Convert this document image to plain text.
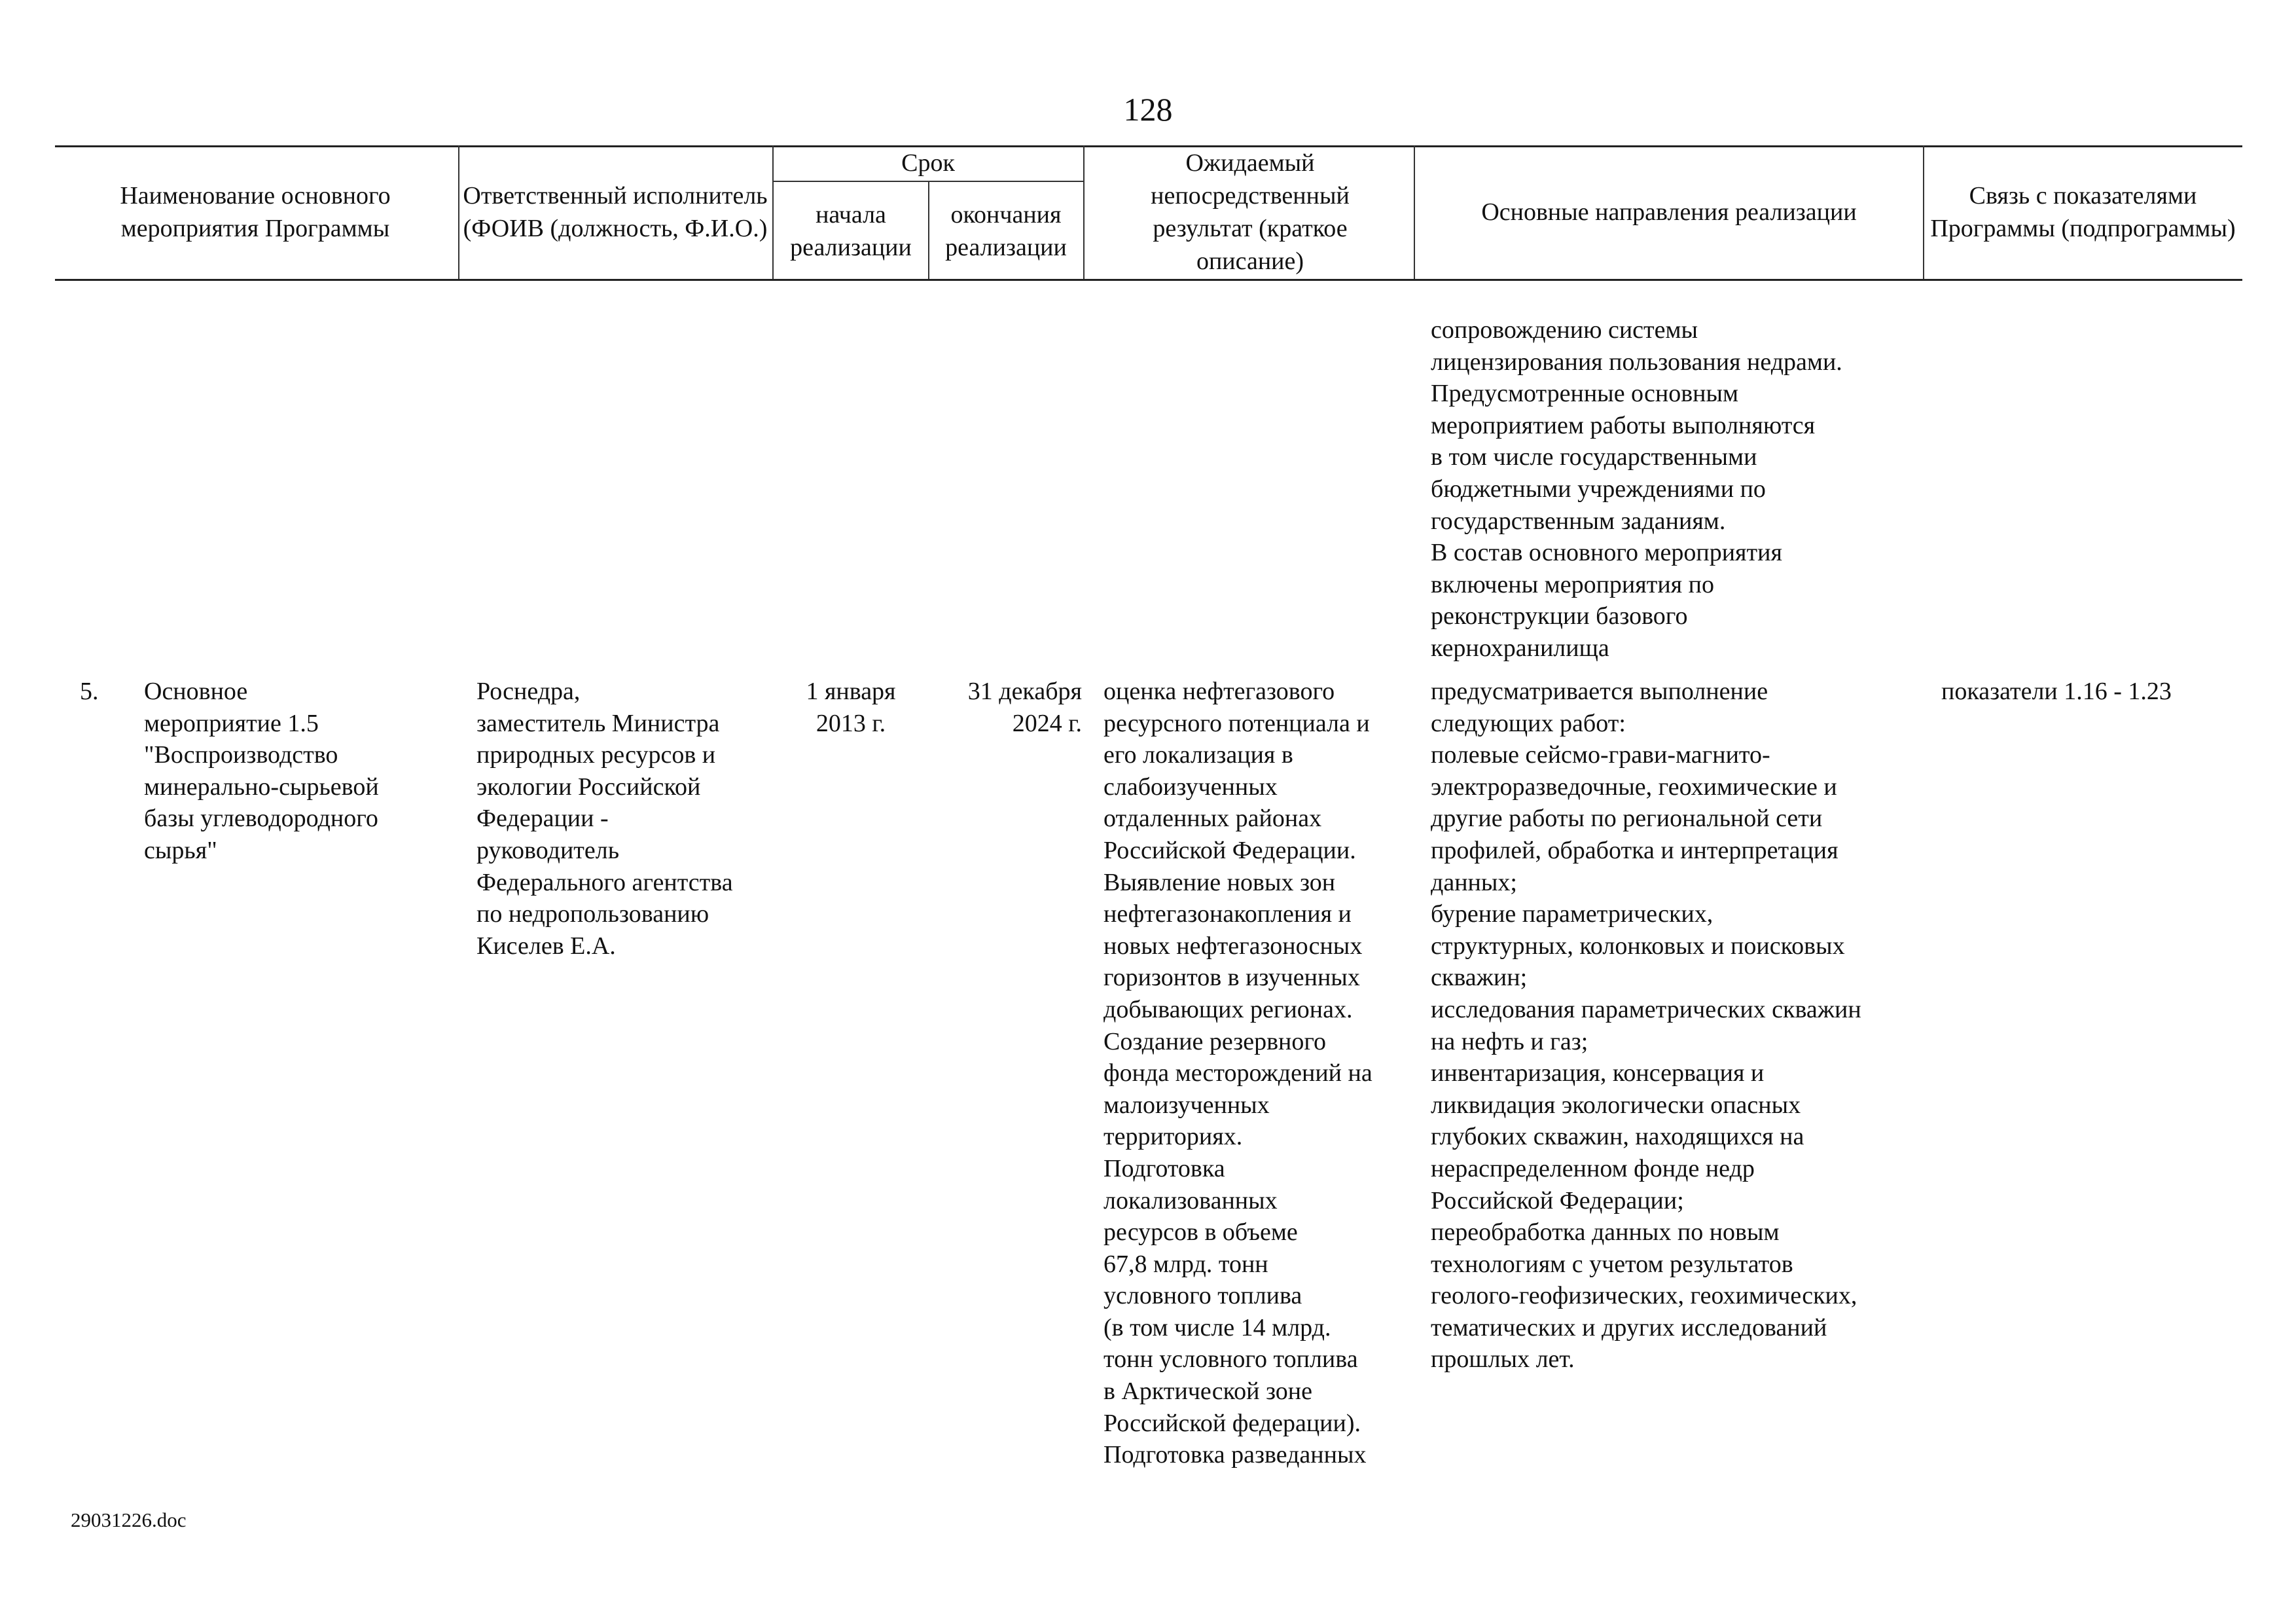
128
Наименование основного мероприятия Программы
Ответственный исполнитель (ФОИВ (должность, Ф.И.О.)
Срок
начала реализации
окончания реализации
Ожидаемый непосредственный результат (краткое описание)
Основные направления реализации
Связь с показателями Программы (подпрограммы)
сопровождению системы
лицензирования пользования недрами.
Предусмотренные основным
мероприятием работы выполняются
в том числе государственными
бюджетными учреждениями по
государственным заданиям.
В состав основного мероприятия
включены мероприятия по
реконструкции базового
кернохранилища
5.	Основное
мероприятие 1.5
"Воспроизводство
минерально-сырьевой
базы углеводородного
сырья"
Роснедра,
заместитель Министра
природных ресурсов и
экологии Российской
Федерации -
руководитель
Федерального агентства
по недропользованию
Киселев Е.А.
1 января
2013 г.
31 декабря
2024 г.
оценка нефтегазового
ресурсного потенциала и
его локализация в
слабоизученных
отдаленных районах
Российской Федерации.
Выявление новых зон
нефтегазонакопления и
новых нефтегазоносных
горизонтов в изученных
добывающих регионах.
Создание резервного
фонда месторождений на
малоизученных
территориях.
Подготовка
локализованных
ресурсов в объеме
67,8 млрд. тонн
условного топлива
(в том числе 14 млрд.
тонн условного топлива
в Арктической зоне
Российской федерации).
Подготовка разведанных
предусматривается выполнение
следующих работ:
полевые сейсмо-грави-магнито-
электроразведочные, геохимические и
другие работы по региональной сети
профилей, обработка и интерпретация
данных;
бурение параметрических,
структурных, колонковых и поисковых
скважин;
исследования параметрических скважин
на нефть и газ;
инвентаризация, консервация и
ликвидация экологически опасных
глубоких скважин, находящихся на
нераспределенном фонде недр
Российской Федерации;
переобработка данных по новым
технологиям с учетом результатов
геолого-геофизических, геохимических,
тематических и других исследований
прошлых лет.
показатели 1.16 - 1.23
29031226.doc
